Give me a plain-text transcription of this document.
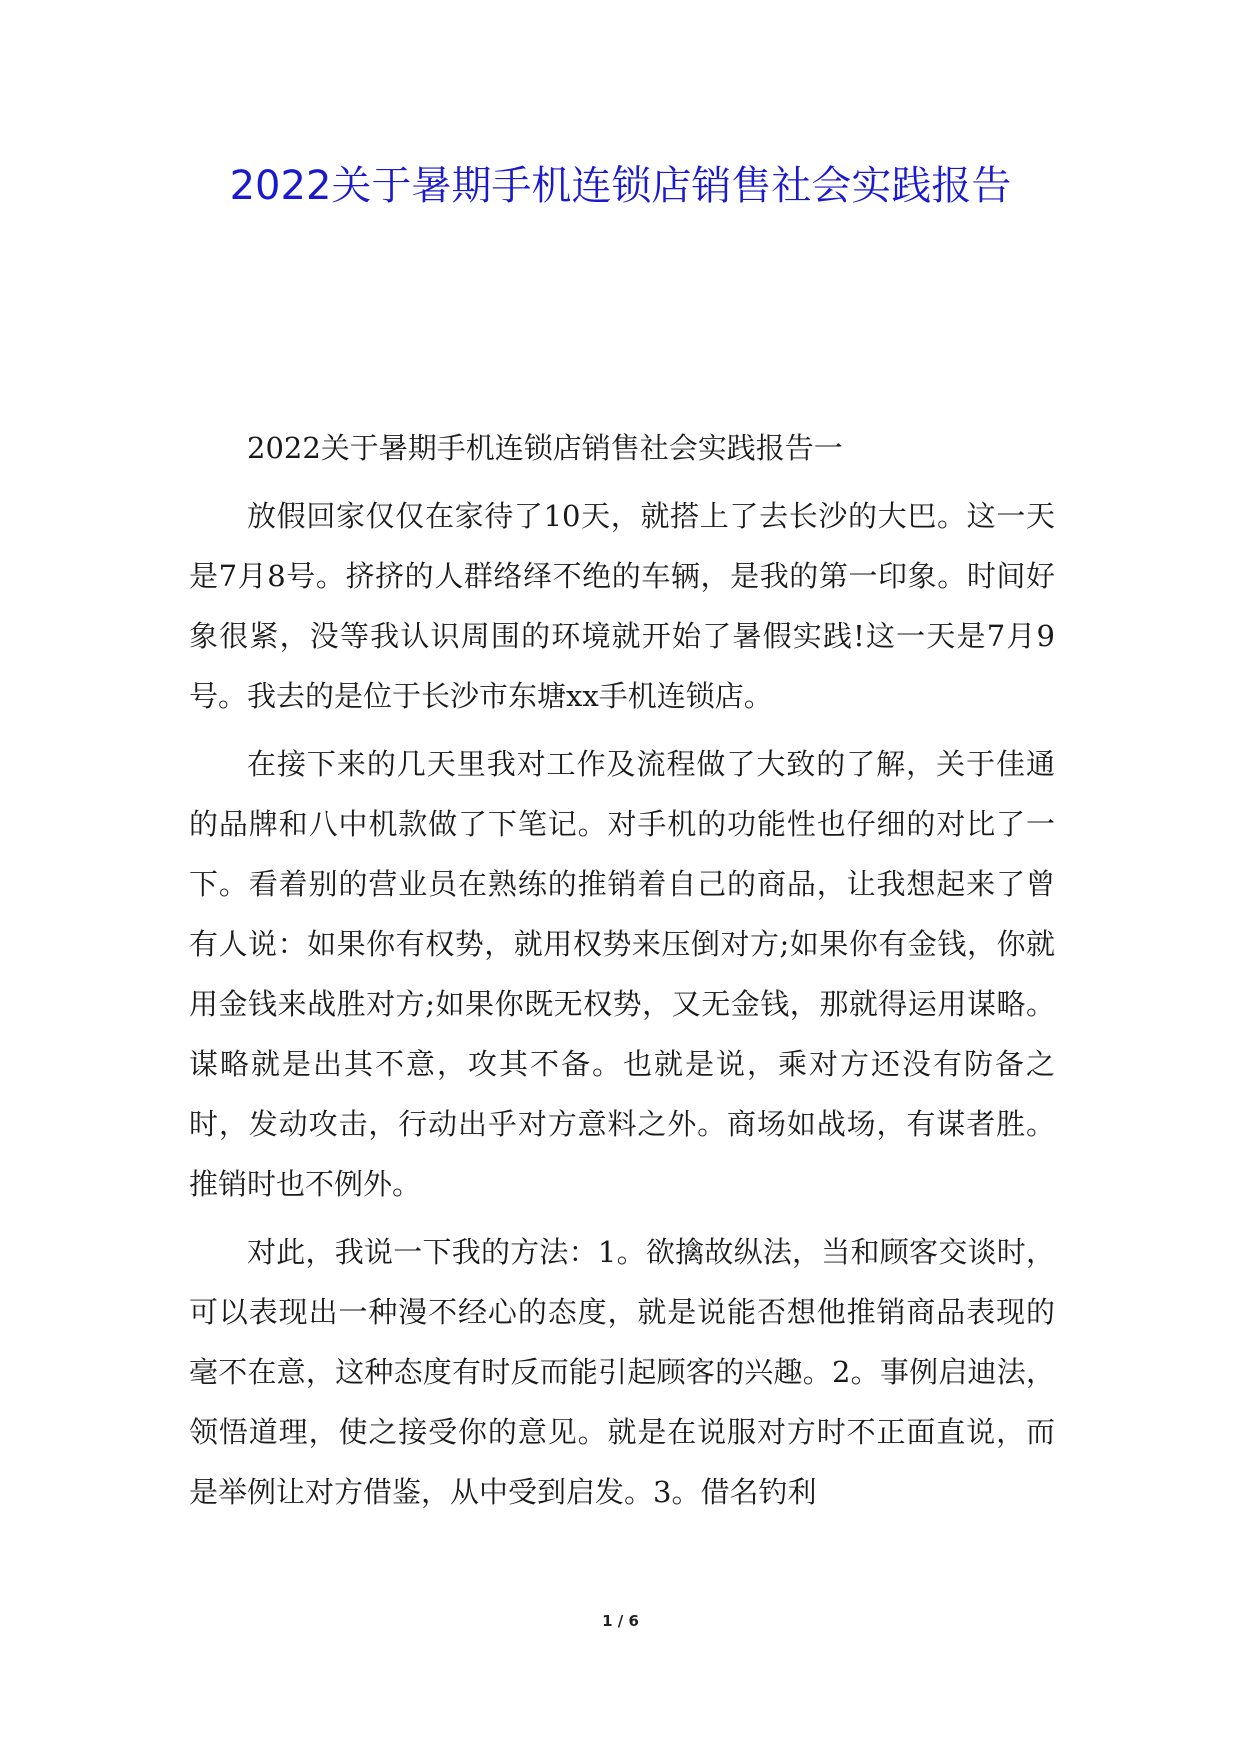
2022关于暑期手机连锁店销售社会实践报告

2022关于暑期手机连锁店销售社会实践报告一

放假回家仅仅在家待了10天，就搭上了去长沙的大巴。这一天是7月8号。挤挤的人群络绎不绝的车辆，是我的第一印象。时间好象很紧，没等我认识周围的环境就开始了暑假实践!这一天是7月9号。我去的是位于长沙市东塘xx手机连锁店。

在接下来的几天里我对工作及流程做了大致的了解，关于佳通的品牌和八中机款做了下笔记。对手机的功能性也仔细的对比了一下。看着别的营业员在熟练的推销着自己的商品，让我想起来了曾有人说：如果你有权势，就用权势来压倒对方;如果你有金钱，你就用金钱来战胜对方;如果你既无权势，又无金钱，那就得运用谋略。谋略就是出其不意，攻其不备。也就是说，乘对方还没有防备之时，发动攻击，行动出乎对方意料之外。商场如战场，有谋者胜。推销时也不例外。

对此，我说一下我的方法：1。欲擒故纵法，当和顾客交谈时，可以表现出一种漫不经心的态度，就是说能否想他推销商品表现的毫不在意，这种态度有时反而能引起顾客的兴趣。2。事例启迪法，领悟道理，使之接受你的意见。就是在说服对方时不正面直说，而是举例让对方借鉴，从中受到启发。3。借名钓利

1 / 6
